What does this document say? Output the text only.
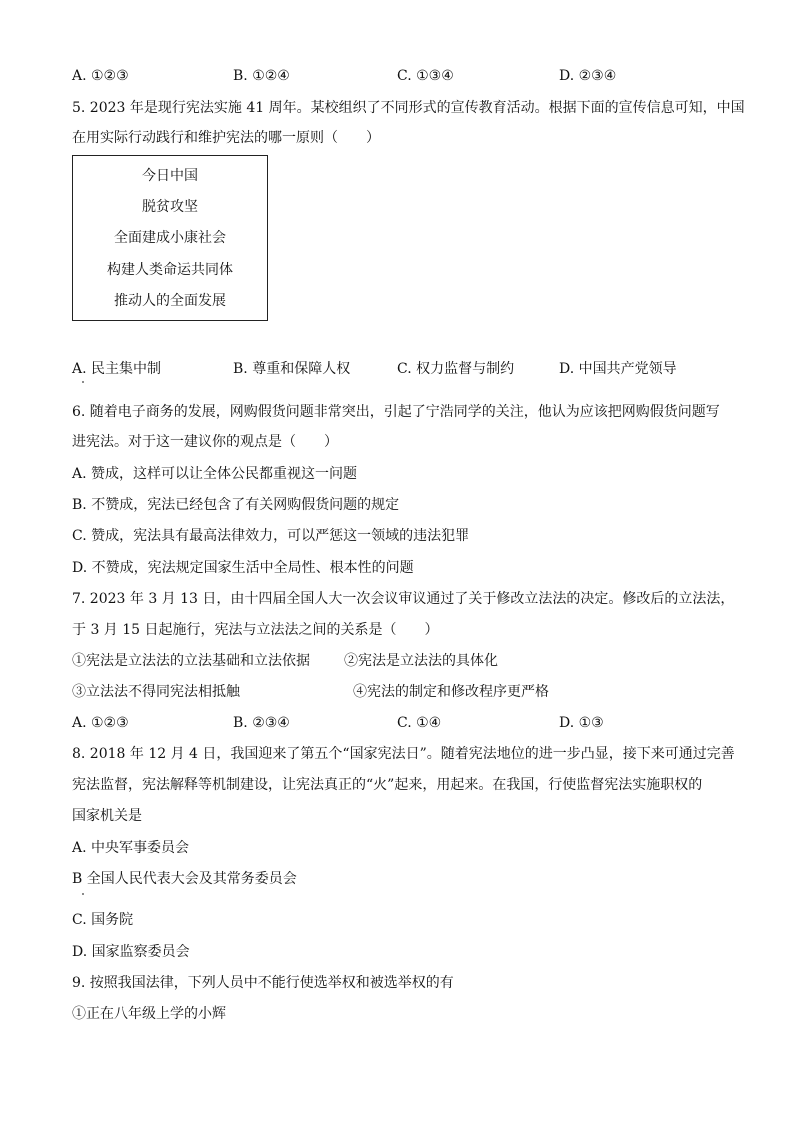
A. ①②③	B. ①②④	C. ①③④	D. ②③④
5. 2023 年是现行宪法实施 41 周年。某校组织了不同形式的宣传教育活动。根据下面的宣传信息可知，中国
在用实际行动践行和维护宪法的哪一原则（　　）
今日中国
脱贫攻坚
全面建成小康社会
构建人类命运共同体
推动人的全面发展
A. 民主集中制	B. 尊重和保障人权	C. 权力监督与制约	D. 中国共产党领导
6. 随着电子商务的发展，网购假货问题非常突出，引起了宁浩同学的关注，他认为应该把网购假货问题写
进宪法。对于这一建议你的观点是（　　）
A. 赞成，这样可以让全体公民都重视这一问题
B. 不赞成，宪法已经包含了有关网购假货问题的规定
C. 赞成，宪法具有最高法律效力，可以严惩这一领域的违法犯罪
D. 不赞成，宪法规定国家生活中全局性、根本性的问题
7. 2023 年 3 月 13 日，由十四届全国人大一次会议审议通过了关于修改立法法的决定。修改后的立法法，
于 3 月 15 日起施行，宪法与立法法之间的关系是（　　）
①宪法是立法法的立法基础和立法依据 ②宪法是立法法的具体化
③立法法不得同宪法相抵触	④宪法的制定和修改程序更严格
A. ①②③	B. ②③④	C. ①④	D. ①③
8. 2018 年 12 月 4 日，我国迎来了第五个“国家宪法日”。随着宪法地位的进一步凸显，接下来可通过完善
宪法监督，宪法解释等机制建设，让宪法真正的“火”起来，用起来。在我国，行使监督宪法实施职权的
国家机关是
A. 中央军事委员会
B 全国人民代表大会及其常务委员会
C. 国务院
D. 国家监察委员会
9. 按照我国法律，下列人员中不能行使选举权和被选举权的有
①正在八年级上学的小辉
